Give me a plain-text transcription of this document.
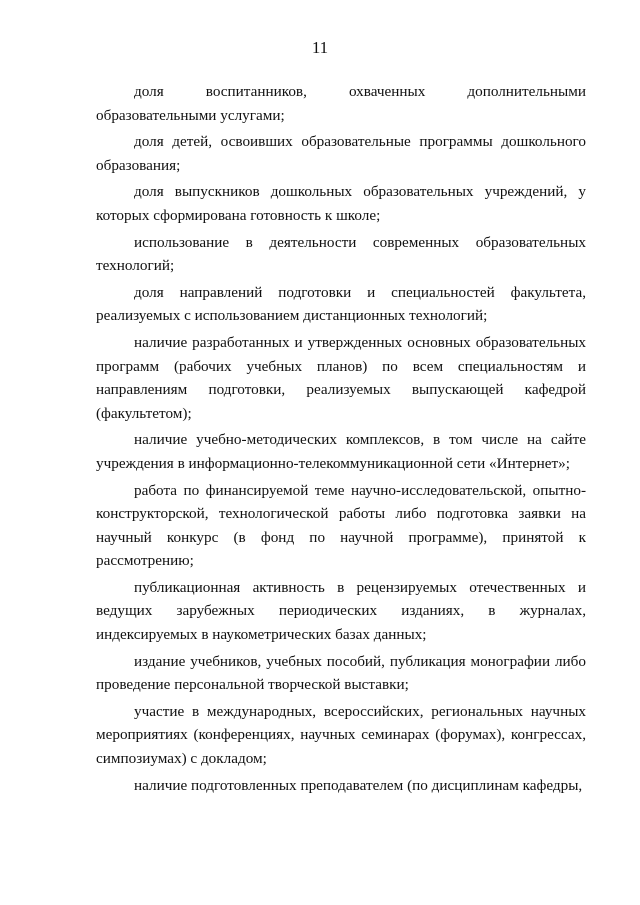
11

доля воспитанников, охваченных дополнительными образовательными услугами;

доля детей, освоивших образовательные программы дошкольного образования;

доля выпускников дошкольных образовательных учреждений, у которых сформирована готовность к школе;

использование в деятельности современных образовательных технологий;

доля направлений подготовки и специальностей факультета, реализуемых с использованием дистанционных технологий;

наличие разработанных и утвержденных основных образовательных программ (рабочих учебных планов) по всем специальностям и направлениям подготовки, реализуемых выпускающей кафедрой (факультетом);

наличие учебно-методических комплексов, в том числе на сайте учреждения в информационно-телекоммуникационной сети «Интернет»;

работа по финансируемой теме научно-исследовательской, опытно-конструкторской, технологической работы либо подготовка заявки на научный конкурс (в фонд по научной программе), принятой к рассмотрению;

публикационная активность в рецензируемых отечественных и ведущих зарубежных периодических изданиях, в журналах, индексируемых в наукометрических базах данных;

издание учебников, учебных пособий, публикация монографии либо проведение персональной творческой выставки;

участие в международных, всероссийских, региональных научных мероприятиях (конференциях, научных семинарах (форумах), конгрессах, симпозиумах) с докладом;

наличие подготовленных преподавателем (по дисциплинам кафедры,
